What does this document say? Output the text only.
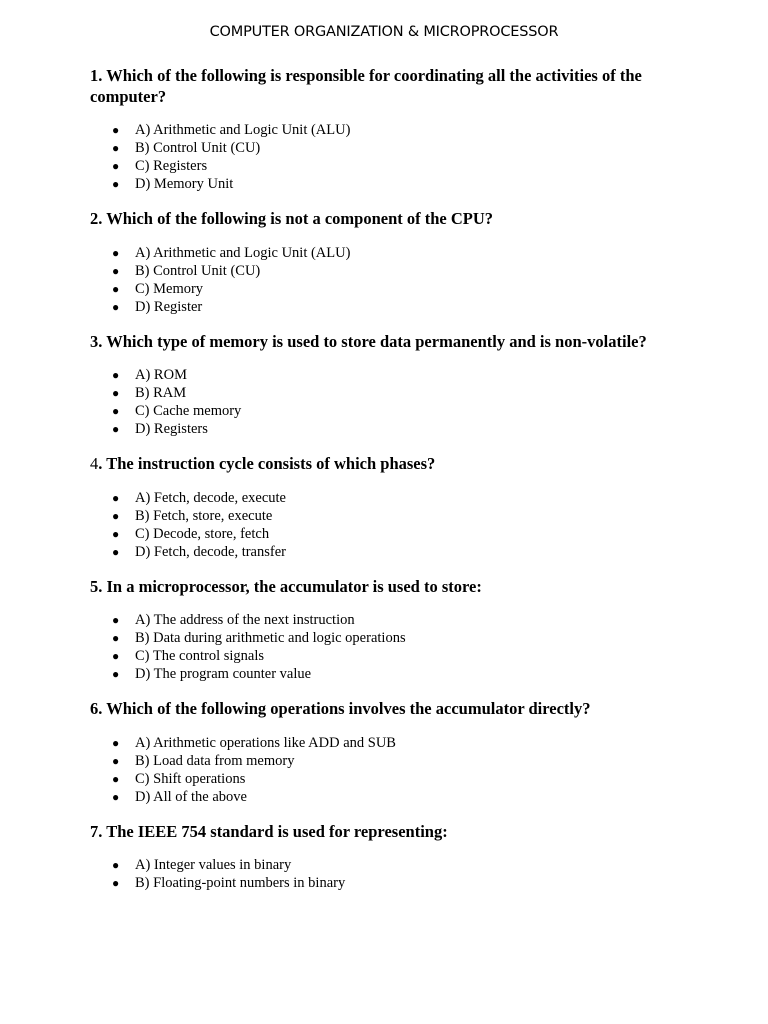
COMPUTER ORGANIZATION & MICROPROCESSOR
1. Which of the following is responsible for coordinating all the activities of the computer?
● A) Arithmetic and Logic Unit (ALU)
● B) Control Unit (CU)
● C) Registers
● D) Memory Unit
2. Which of the following is not a component of the CPU?
● A) Arithmetic and Logic Unit (ALU)
● B) Control Unit (CU)
● C) Memory
● D) Register
3. Which type of memory is used to store data permanently and is non-volatile?
● A) ROM
● B) RAM
● C) Cache memory
● D) Registers
4. The instruction cycle consists of which phases?
● A) Fetch, decode, execute
● B) Fetch, store, execute
● C) Decode, store, fetch
● D) Fetch, decode, transfer
5. In a microprocessor, the accumulator is used to store:
● A) The address of the next instruction
● B) Data during arithmetic and logic operations
● C) The control signals
● D) The program counter value
6. Which of the following operations involves the accumulator directly?
● A) Arithmetic operations like ADD and SUB
● B) Load data from memory
● C) Shift operations
● D) All of the above
7. The IEEE 754 standard is used for representing:
● A) Integer values in binary
● B) Floating-point numbers in binary
